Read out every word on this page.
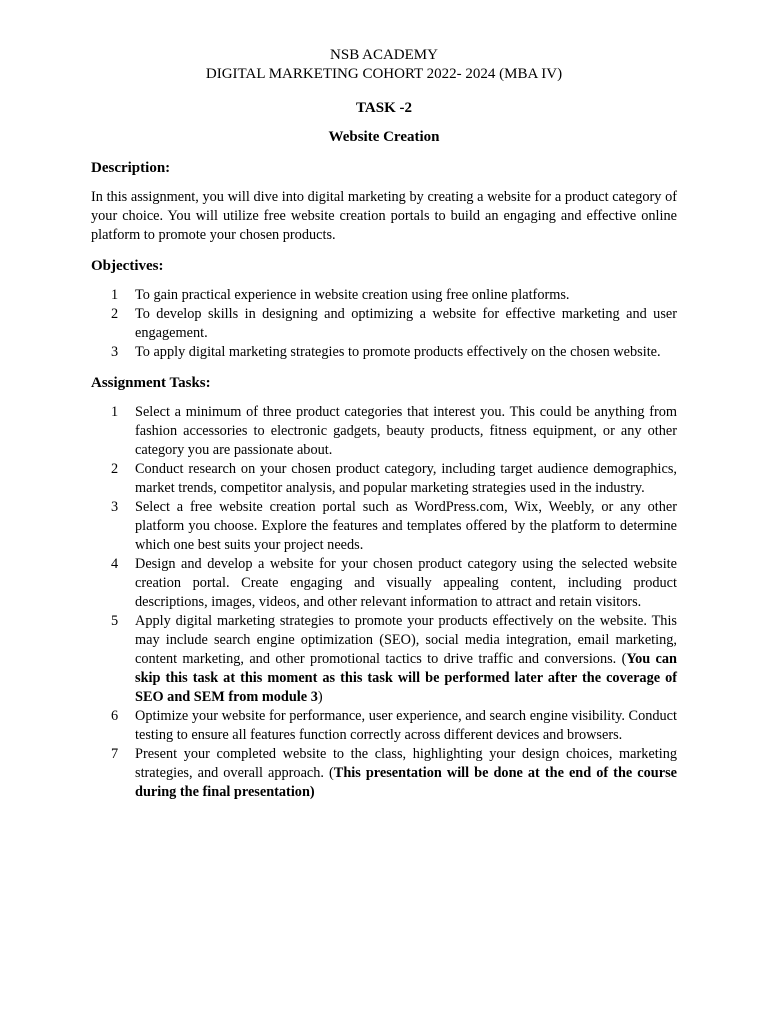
NSB ACADEMY
DIGITAL MARKETING COHORT 2022- 2024 (MBA IV)
TASK -2
Website Creation
Description:
In this assignment, you will dive into digital marketing by creating a website for a product category of your choice. You will utilize free website creation portals to build an engaging and effective online platform to promote your chosen products.
Objectives:
1 To gain practical experience in website creation using free online platforms.
2 To develop skills in designing and optimizing a website for effective marketing and user engagement.
3 To apply digital marketing strategies to promote products effectively on the chosen website.
Assignment Tasks:
1 Select a minimum of three product categories that interest you. This could be anything from fashion accessories to electronic gadgets, beauty products, fitness equipment, or any other category you are passionate about.
2 Conduct research on your chosen product category, including target audience demographics, market trends, competitor analysis, and popular marketing strategies used in the industry.
3 Select a free website creation portal such as WordPress.com, Wix, Weebly, or any other platform you choose. Explore the features and templates offered by the platform to determine which one best suits your project needs.
4 Design and develop a website for your chosen product category using the selected website creation portal. Create engaging and visually appealing content, including product descriptions, images, videos, and other relevant information to attract and retain visitors.
5 Apply digital marketing strategies to promote your products effectively on the website. This may include search engine optimization (SEO), social media integration, email marketing, content marketing, and other promotional tactics to drive traffic and conversions. (You can skip this task at this moment as this task will be performed later after the coverage of SEO and SEM from module 3)
6 Optimize your website for performance, user experience, and search engine visibility. Conduct testing to ensure all features function correctly across different devices and browsers.
7 Present your completed website to the class, highlighting your design choices, marketing strategies, and overall approach. (This presentation will be done at the end of the course during the final presentation)
